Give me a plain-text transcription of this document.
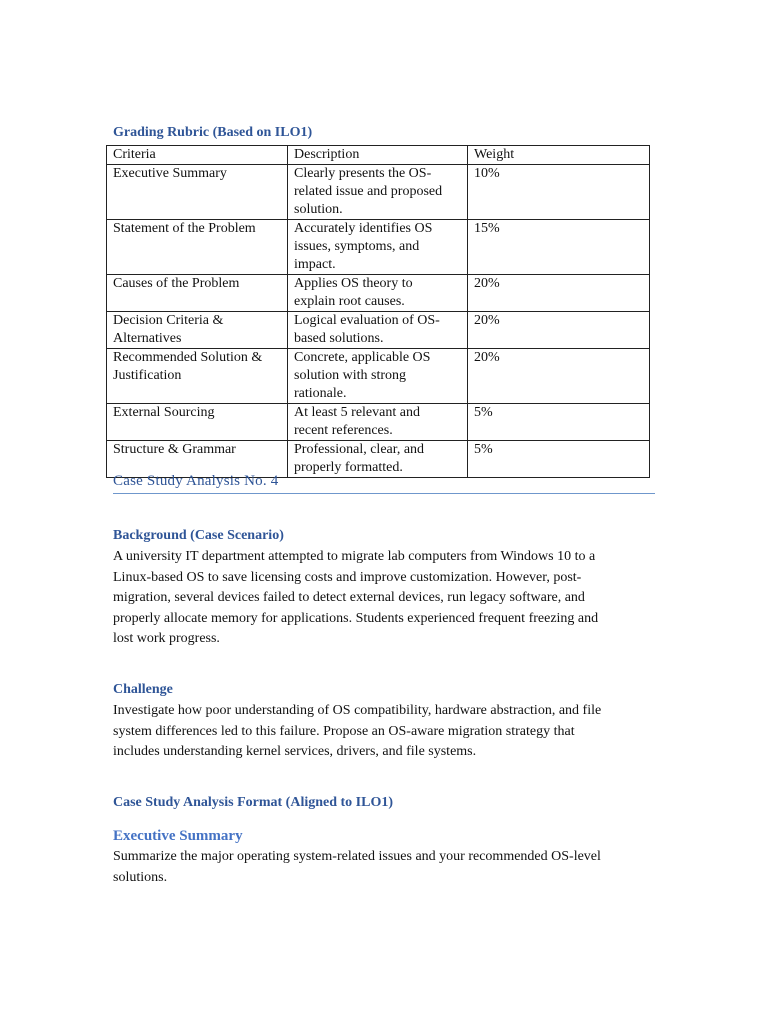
Grading Rubric (Based on ILO1)
Criteria	Description	Weight

Executive Summary	Clearly presents the OS-
related issue and proposed
solution.	10%

Statement of the Problem	Accurately identifies OS
issues, symptoms, and
impact.	15%

Causes of the Problem	Applies OS theory to
explain root causes.	20%

Decision Criteria &
Alternatives	Logical evaluation of OS-
based solutions.	20%

Recommended Solution &
Justification	Concrete, applicable OS
solution with strong
rationale.	20%

External Sourcing	At least 5 relevant and
recent references.	5%

Structure & Grammar	Professional, clear, and
properly formatted.	5%
Case Study Analysis No. 4
Background (Case Scenario)
A university IT department attempted to migrate lab computers from Windows 10 to a
Linux-based OS to save licensing costs and improve customization. However, post-
migration, several devices failed to detect external devices, run legacy software, and
properly allocate memory for applications. Students experienced frequent freezing and
lost work progress.
Challenge
Investigate how poor understanding of OS compatibility, hardware abstraction, and file
system differences led to this failure. Propose an OS-aware migration strategy that
includes understanding kernel services, drivers, and file systems.
Case Study Analysis Format (Aligned to ILO1)
Executive Summary
Summarize the major operating system-related issues and your recommended OS-level
solutions.
